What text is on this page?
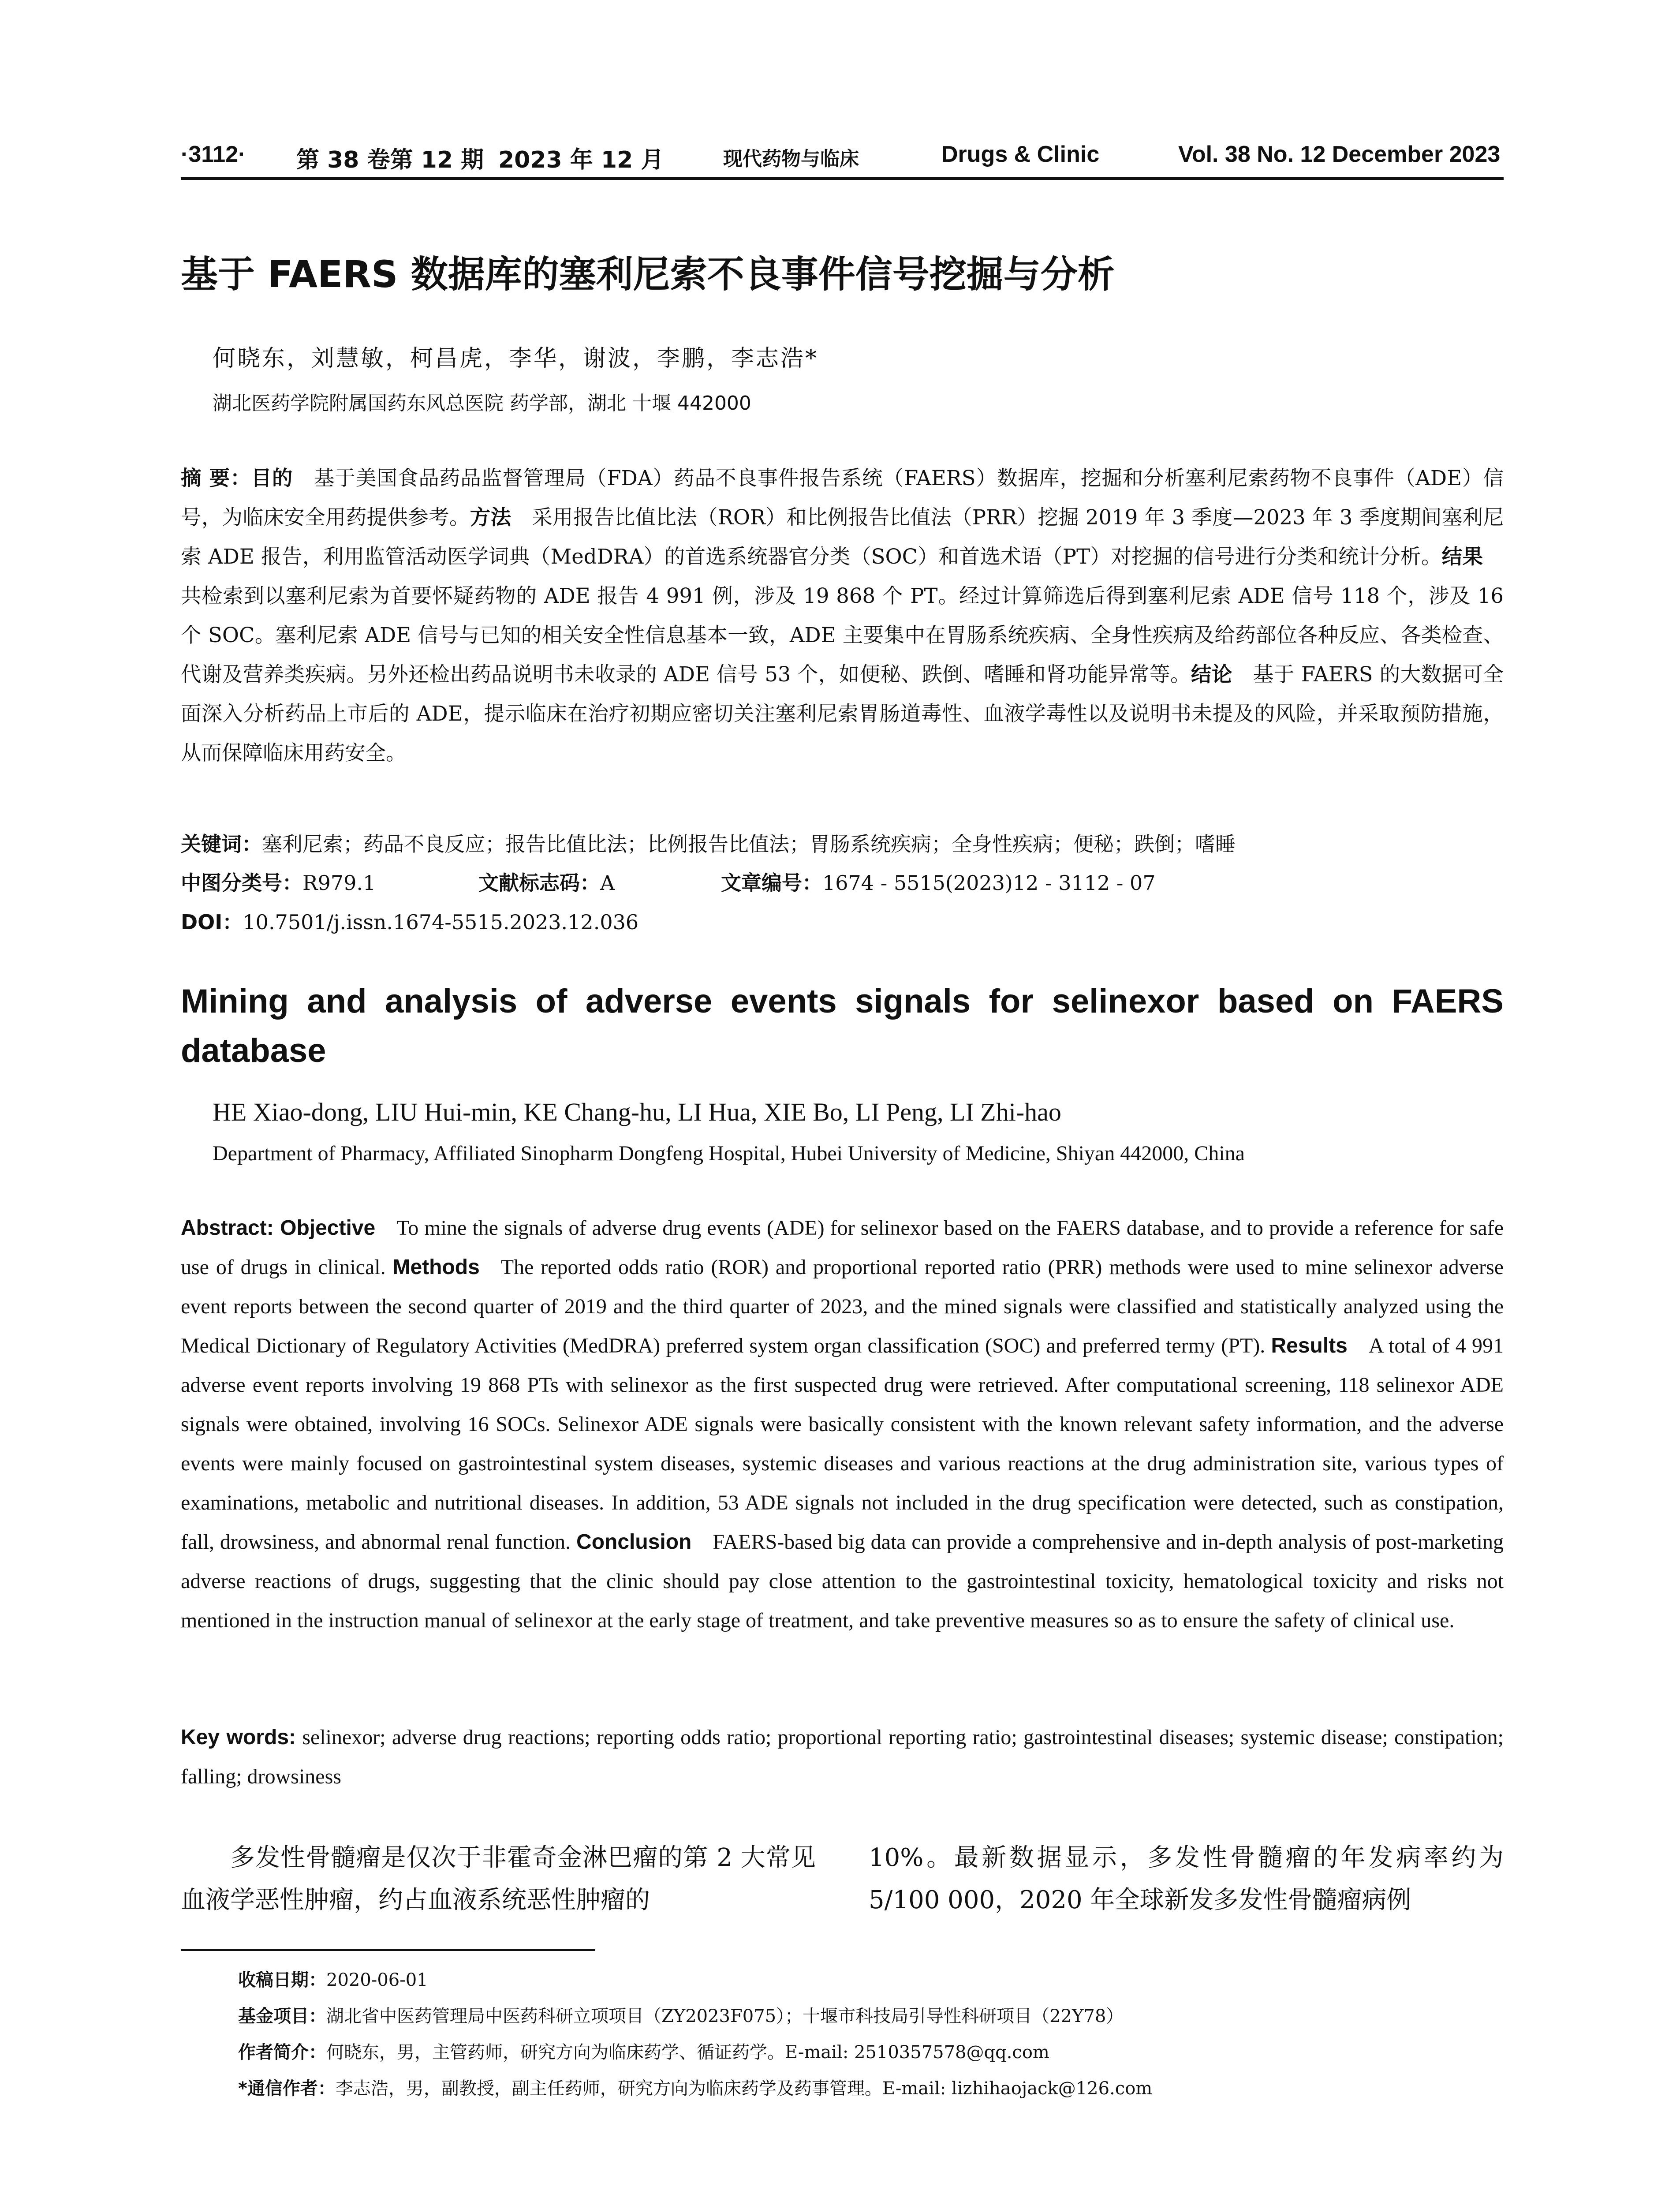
·3112· 第 38 卷第 12 期 2023 年 12 月	现代药物与临床	Drugs & Clinic	Vol. 38 No. 12 December 2023
基于 FAERS 数据库的塞利尼索不良事件信号挖掘与分析
何晓东，刘慧敏，柯昌虎，李华，谢波，李鹏，李志浩*
湖北医药学院附属国药东风总医院 药学部，湖北 十堰 442000
摘 要：目的  基于美国食品药品监督管理局（FDA）药品不良事件报告系统（FAERS）数据库，挖掘和分析塞利尼索药物不良事件（ADE）信号，为临床安全用药提供参考。方法  采用报告比值比法（ROR）和比例报告比值法（PRR）挖掘 2019 年 3 季度—2023 年 3 季度期间塞利尼索 ADE 报告，利用监管活动医学词典（MedDRA）的首选系统器官分类（SOC）和首选术语（PT）对挖掘的信号进行分类和统计分析。结果 共检索到以塞利尼索为首要怀疑药物的 ADE 报告 4 991 例，涉及 19 868 个 PT。经过计算筛选后得到塞利尼索 ADE 信号 118 个，涉及 16 个 SOC。塞利尼索 ADE 信号与已知的相关安全性信息基本一致，ADE 主要集中在胃肠系统疾病、全身性疾病及给药部位各种反应、各类检查、代谢及营养类疾病。另外还检出药品说明书未收录的 ADE 信号 53 个，如便秘、跌倒、嗜睡和肾功能异常等。结论  基于 FAERS 的大数据可全面深入分析药品上市后的 ADE，提示临床在治疗初期应密切关注塞利尼索胃肠道毒性、血液学毒性以及说明书未提及的风险，并采取预防措施，从而保障临床用药安全。
关键词：塞利尼索；药品不良反应；报告比值比法；比例报告比值法；胃肠系统疾病；全身性疾病；便秘；跌倒；嗜睡
中图分类号：R979.1	文献标志码：A	文章编号：1674 - 5515(2023)12 - 3112 - 07
DOI：10.7501/j.issn.1674-5515.2023.12.036
Mining and analysis of adverse events signals for selinexor based on FAERS database
HE Xiao-dong, LIU Hui-min, KE Chang-hu, LI Hua, XIE Bo, LI Peng, LI Zhi-hao
Department of Pharmacy, Affiliated Sinopharm Dongfeng Hospital, Hubei University of Medicine, Shiyan 442000, China
Abstract: Objective  To mine the signals of adverse drug events (ADE) for selinexor based on the FAERS database, and to provide a reference for safe use of drugs in clinical. Methods  The reported odds ratio (ROR) and proportional reported ratio (PRR) methods were used to mine selinexor adverse event reports between the second quarter of 2019 and the third quarter of 2023, and the mined signals were classified and statistically analyzed using the Medical Dictionary of Regulatory Activities (MedDRA) preferred system organ classification (SOC) and preferred termy (PT). Results  A total of 4 991 adverse event reports involving 19 868 PTs with selinexor as the first suspected drug were retrieved. After computational screening, 118 selinexor ADE signals were obtained, involving 16 SOCs. Selinexor ADE signals were basically consistent with the known relevant safety information, and the adverse events were mainly focused on gastrointestinal system diseases, systemic diseases and various reactions at the drug administration site, various types of examinations, metabolic and nutritional diseases. In addition, 53 ADE signals not included in the drug specification were detected, such as constipation, fall, drowsiness, and abnormal renal function. Conclusion  FAERS-based big data can provide a comprehensive and in-depth analysis of post-marketing adverse reactions of drugs, suggesting that the clinic should pay close attention to the gastrointestinal toxicity, hematological toxicity and risks not mentioned in the instruction manual of selinexor at the early stage of treatment, and take preventive measures so as to ensure the safety of clinical use.
Key words: selinexor; adverse drug reactions; reporting odds ratio; proportional reporting ratio; gastrointestinal diseases; systemic disease; constipation; falling; drowsiness
多发性骨髓瘤是仅次于非霍奇金淋巴瘤的第 2 大常见血液学恶性肿瘤，约占血液系统恶性肿瘤的
10%。最新数据显示，多发性骨髓瘤的年发病率约为 5/100 000，2020 年全球新发多发性骨髓瘤病例
收稿日期：2020-06-01
基金项目：湖北省中医药管理局中医药科研立项项目（ZY2023F075）；十堰市科技局引导性科研项目（22Y78）
作者简介：何晓东，男，主管药师，研究方向为临床药学、循证药学。E-mail: 2510357578@qq.com
*通信作者：李志浩，男，副教授，副主任药师，研究方向为临床药学及药事管理。E-mail: lizhihaojack@126.com
